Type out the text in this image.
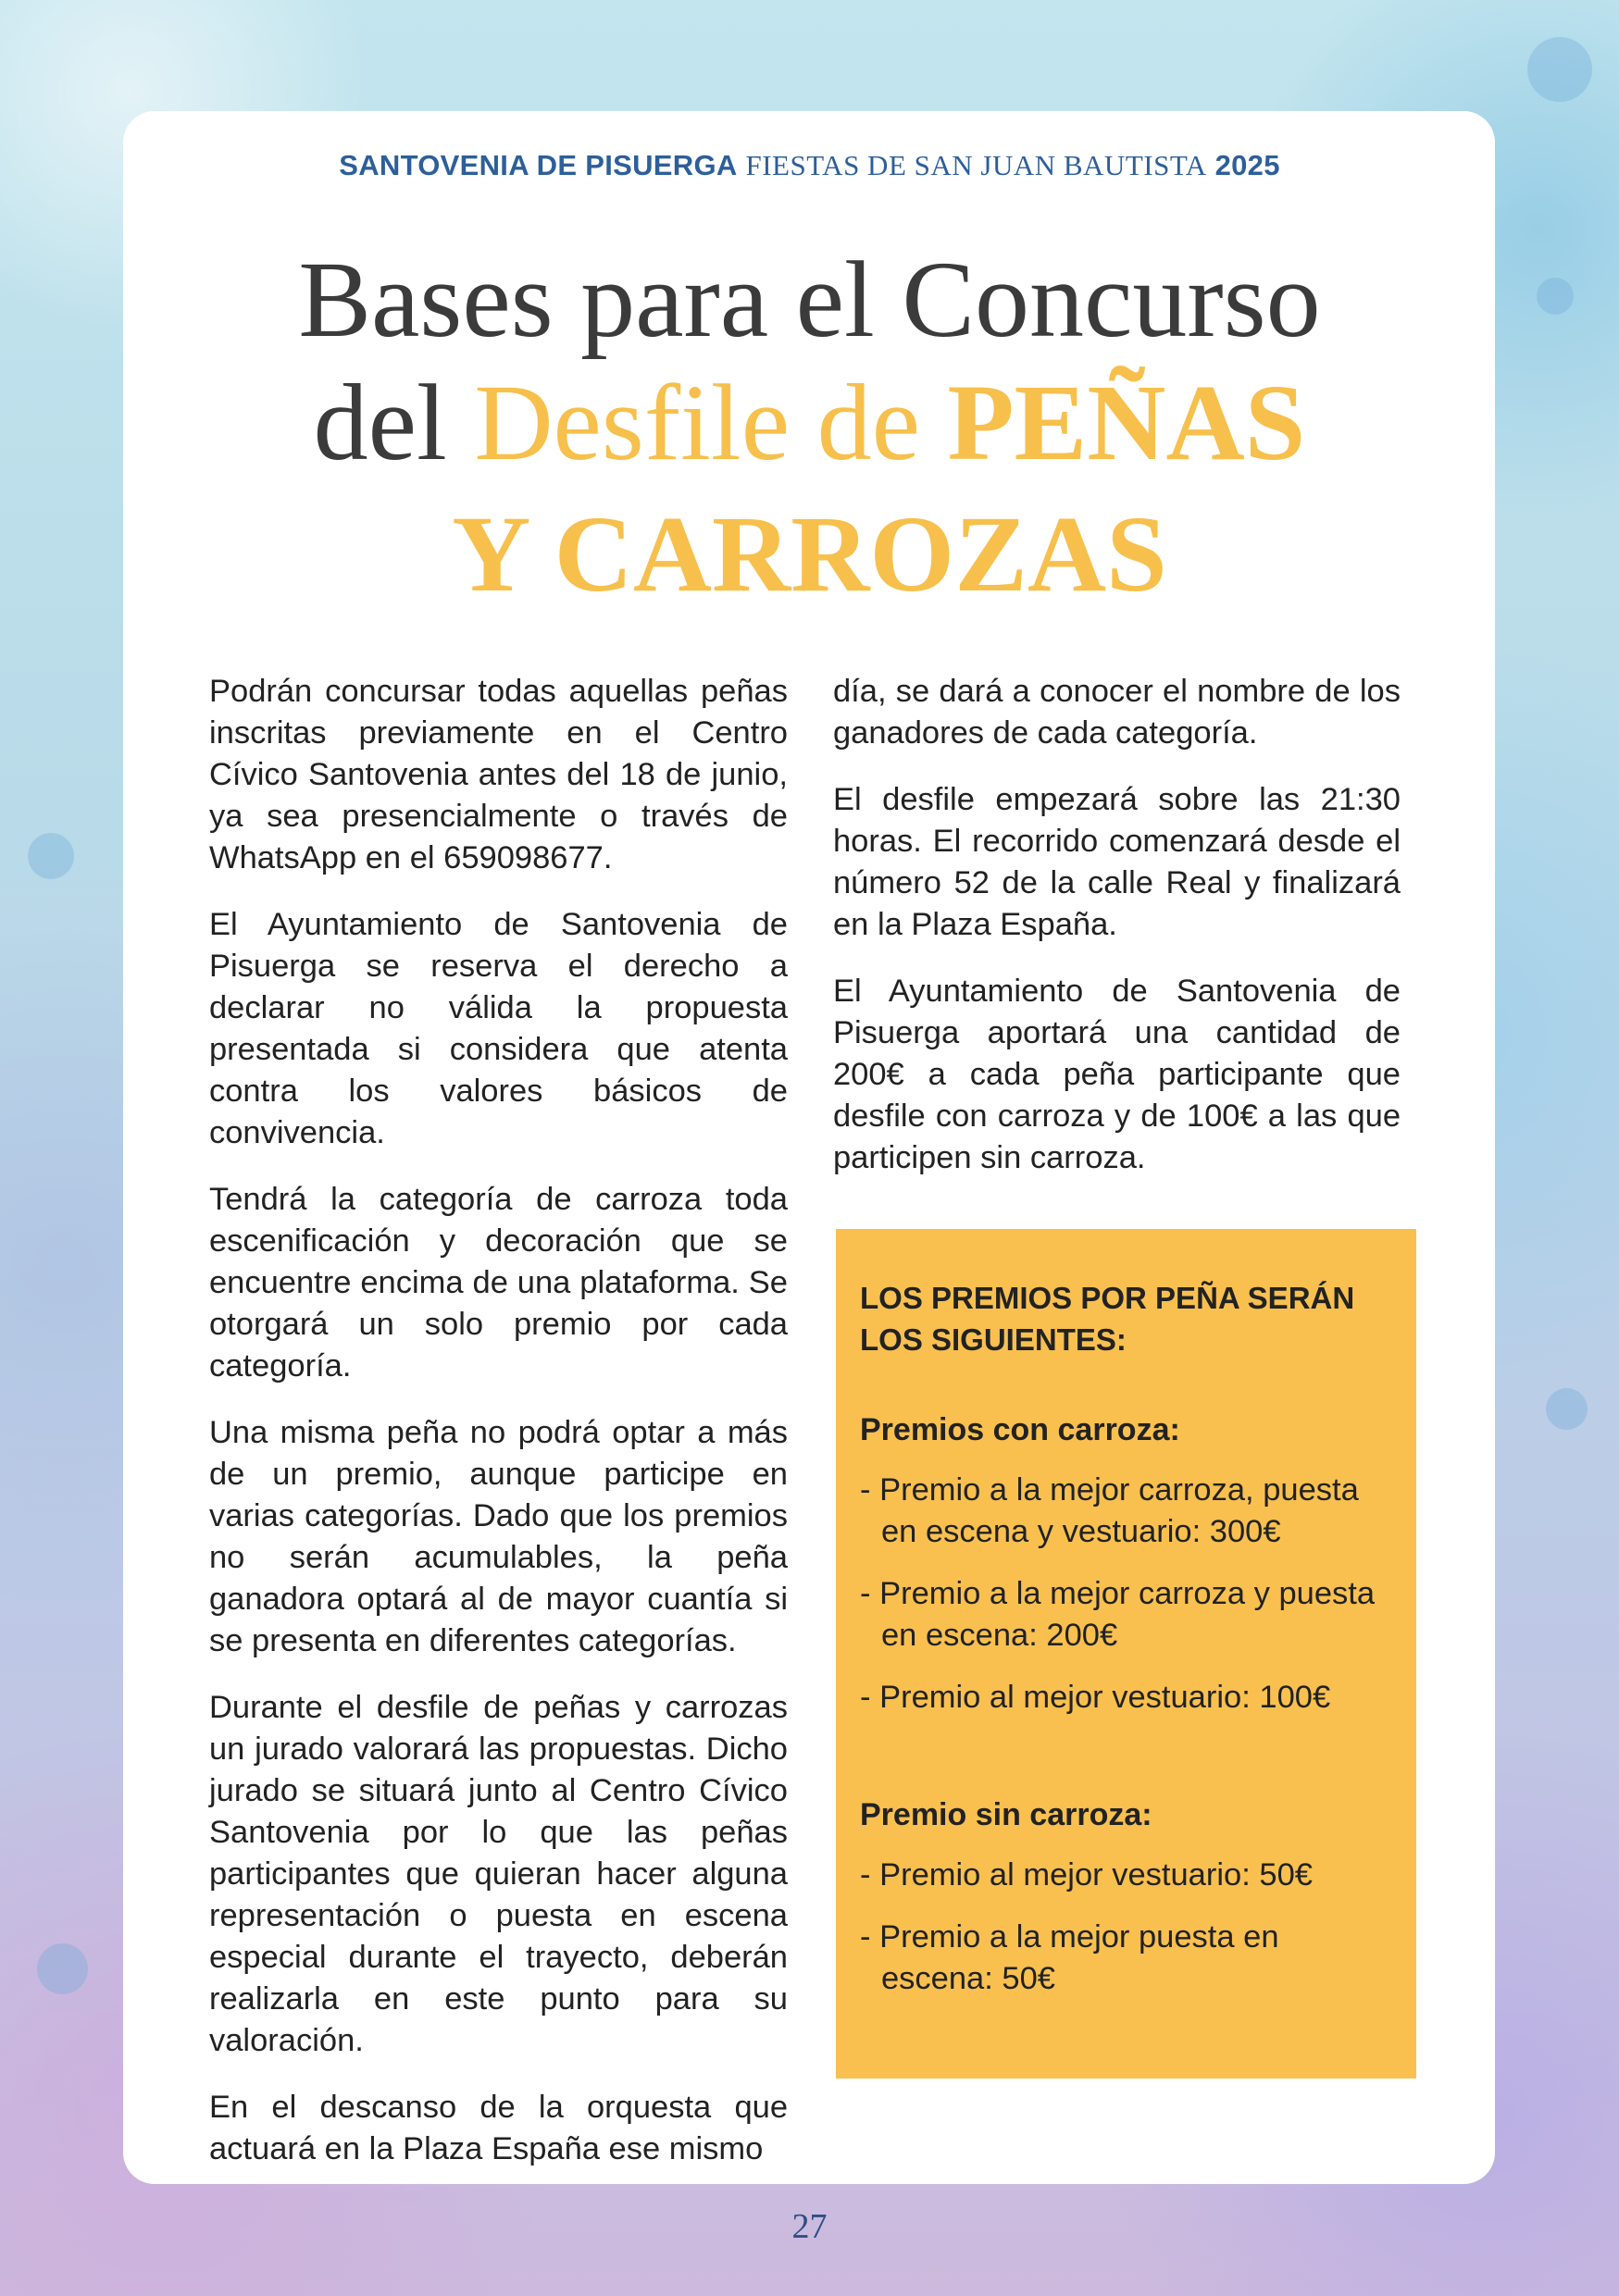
SANTOVENIA DE PISUERGA FIESTAS DE SAN JUAN BAUTISTA 2025
Bases para el Concurso
del Desfile de PEÑAS
Y CARROZAS

Podrán concursar todas aquellas peñas inscritas previamente en el Centro Cívico Santovenia antes del 18 de junio, ya sea presencialmente o través de WhatsApp en el 659098677.

El Ayuntamiento de Santovenia de Pisuerga se reserva el derecho a declarar no válida la propuesta presentada si considera que atenta contra los valores básicos de convivencia.

Tendrá la categoría de carroza toda escenificación y decoración que se encuentre encima de una plataforma. Se otorgará un solo premio por cada categoría.

Una misma peña no podrá optar a más de un premio, aunque participe en varias categorías. Dado que los premios no serán acumulables, la peña ganadora optará al de mayor cuantía si se presenta en diferentes categorías.

Durante el desfile de peñas y carrozas un jurado valorará las propuestas. Dicho jurado se situará junto al Centro Cívico Santovenia por lo que las peñas participantes que quieran hacer alguna representación o puesta en escena especial durante el trayecto, deberán realizarla en este punto para su valoración.

En el descanso de la orquesta que actuará en la Plaza España ese mismo

día, se dará a conocer el nombre de los ganadores de cada categoría.

El desfile empezará sobre las 21:30 horas. El recorrido comenzará desde el número 52 de la calle Real y finalizará en la Plaza España.

El Ayuntamiento de Santovenia de Pisuerga aportará una cantidad de 200€ a cada peña participante que desfile con carroza y de 100€ a las que participen sin carroza.

LOS PREMIOS POR PEÑA SERÁN LOS SIGUIENTES:
Premios con carroza:
- Premio a la mejor carroza, puesta en escena y vestuario: 300€
- Premio a la mejor carroza y puesta en escena: 200€
- Premio al mejor vestuario: 100€
Premio sin carroza:
- Premio al mejor vestuario: 50€
- Premio a la mejor puesta en escena: 50€
27
